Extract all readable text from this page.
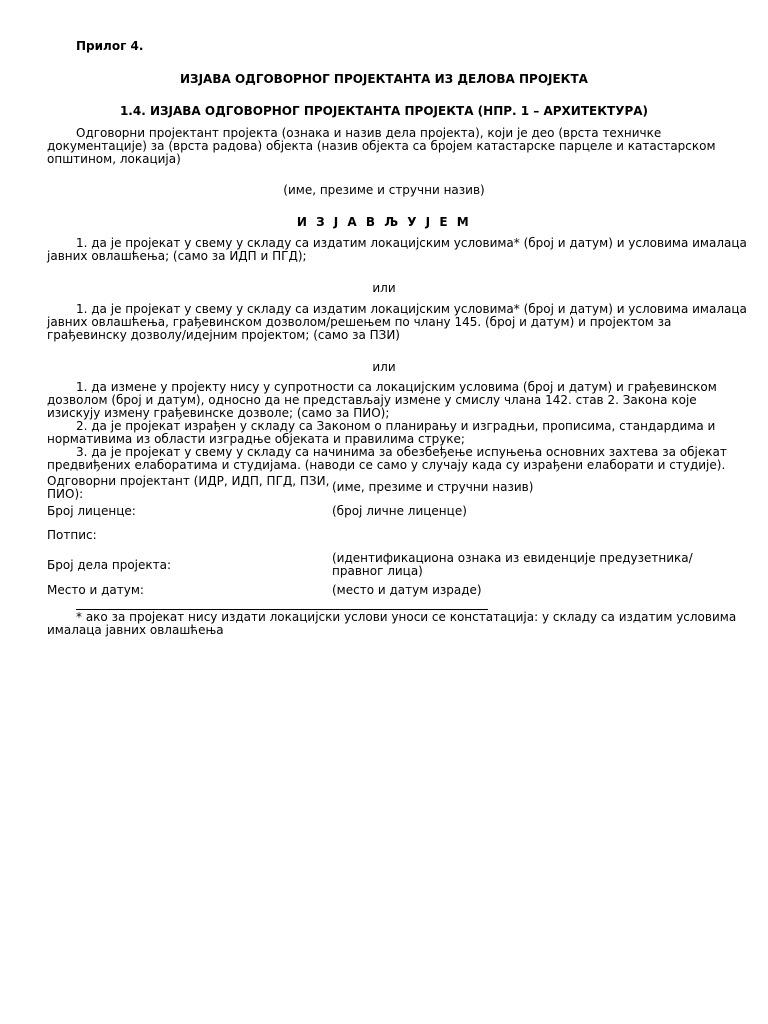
Прилог 4.
ИЗЈАВА ОДГОВОРНОГ ПРОЈЕКТАНТА ИЗ ДЕЛОВА ПРОЈЕКТА
1.4. ИЗЈАВА ОДГОВОРНОГ ПРОЈЕКТАНТА ПРОЈЕКТА (НПР. 1 – АРХИТЕКТУРА)
Одговорни пројектант пројекта (ознака и назив дела пројекта), који је део (врста техничке
документације) за (врста радова) објекта (назив објекта са бројем катастарске парцеле и катастарском
општином, локација)
(име, презиме и стручни назив)
И З Ј А В Љ У Ј Е М
1. да је пројекат у свему у складу са издатим локацијским условима* (број и датум) и условима ималаца
јавних овлашћења; (само за ИДП и ПГД);
или
1. да је пројекат у свему у складу са издатим локацијским условима* (број и датум) и условима ималаца
јавних овлашћења, грађевинском дозволом/решењем по члану 145. (број и датум) и пројектом за
грађевинску дозволу/идејним пројектом; (само за ПЗИ)
или
1. да измене у пројекту нису у супротности са локацијским условима (број и датум) и грађевинском
дозволом (број и датум), односно да не представљају измене у смислу члана 142. став 2. Закона које
изискују измену грађевинске дозволе; (само за ПИО);
2. да је пројекат израђен у складу са Законом о планирању и изградњи, прописима, стандардима и
нормативима из области изградње објеката и правилима струке;
3. да је пројекат у свему у складу са начинима за обезбеђење испуњења основних захтева за објекат
предвиђених елаборатима и студијама. (наводи се само у случају када су израђени елаборати и студије).
Одговорни пројектант (ИДР, ИДП, ПГД, ПЗИ,
ПИО):	(име, презиме и стручни назив)
Број лиценце:	(број личне лиценце)
Потпис:
Број дела пројекта:	(идентификациона ознака из евиденције предузетника/
правног лица)
Место и датум:	(место и датум израде)
* ако за пројекат нису издати локацијски услови уноси се констатација: у складу са издатим условима
ималаца јавних овлашћења
